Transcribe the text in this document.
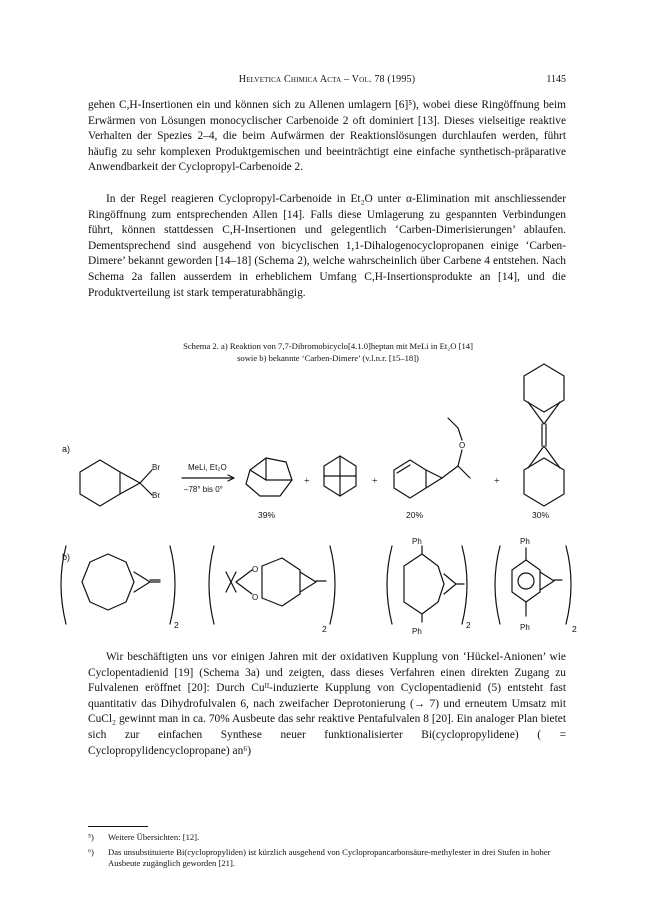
Helvetica Chimica Acta – Vol. 78 (1995)	1145

gehen C,H-Insertionen ein und können sich zu Allenen umlagern [6]⁵), wobei diese Ringöffnung beim Erwärmen von Lösungen monocyclischer Carbenoide 2 oft dominiert [13]. Dieses vielseitige reaktive Verhalten der Spezies 2–4, die beim Aufwärmen der Reaktionslösungen durchlaufen werden, führt häufig zu sehr komplexen Produktgemischen und beeinträchtigt eine einfache synthetisch-präparative Anwendbarkeit der Cyclopropyl-Carbenoide 2.

In der Regel reagieren Cyclopropyl-Carbenoide in Et₂O unter α-Elimination mit anschliessender Ringöffnung zum entsprechenden Allen [14]. Falls diese Umlagerung zu gespannten Verbindungen führt, können stattdessen C,H-Insertionen und gelegentlich ‘Carben-Dimerisierungen’ ablaufen. Dementsprechend sind ausgehend von bicyclischen 1,1-Dihalogenocyclopropanen einige ‘Carben-Dimere’ bekannt geworden [14–18] (Schema 2), welche wahrscheinlich über Carbene 4 entstehen. Nach Schema 2a fallen ausserdem in erheblichem Umfang C,H-Insertionsprodukte an [14], und die Produktverteilung ist stark temperaturabhängig.

Schema 2. a) Reaktion von 7,7-Dibromobicyclo[4.1.0]heptan mit MeLi in Et₂O [14]
sowie b) bekannte ‘Carben-Dimere’ (v.l.n.r. [15–18])
a)
b)
Br
Br
MeLi, Et₂O
–78° bis 0°
+	+
O
+
39%	20%	30%
2
O
O
2
Ph
Ph
2
Ph
Ph	2

Wir beschäftigten uns vor einigen Jahren mit der oxidativen Kupplung von ‘Hückel-Anionen’ wie Cyclopentadienid [19] (Schema 3a) und zeigten, dass dieses Verfahren einen direkten Zugang zu Fulvalenen eröffnet [20]: Durch Cuᴵᴵ-induzierte Kupplung von Cyclopentadienid (5) entsteht fast quantitativ das Dihydrofulvalen 6, nach zweifacher Deprotonierung (→ 7) und erneutem Umsatz mit CuCl₂ gewinnt man in ca. 70% Ausbeute das sehr reaktive Pentafulvalen 8 [20]. Ein analoger Plan bietet sich zur einfachen Synthese neuer funktionalisierter Bi(cyclopropylidene) ( = Cyclopropylidencyclopropane) an⁶)

⁵)	Weitere Übersichten: [12].
⁶)	Das unsubstituierte Bi(cyclopropyliden) ist kürzlich ausgehend von Cyclopropancarbonsäure-methylester in drei Stufen in hoher Ausbeute zugänglich geworden [21].
